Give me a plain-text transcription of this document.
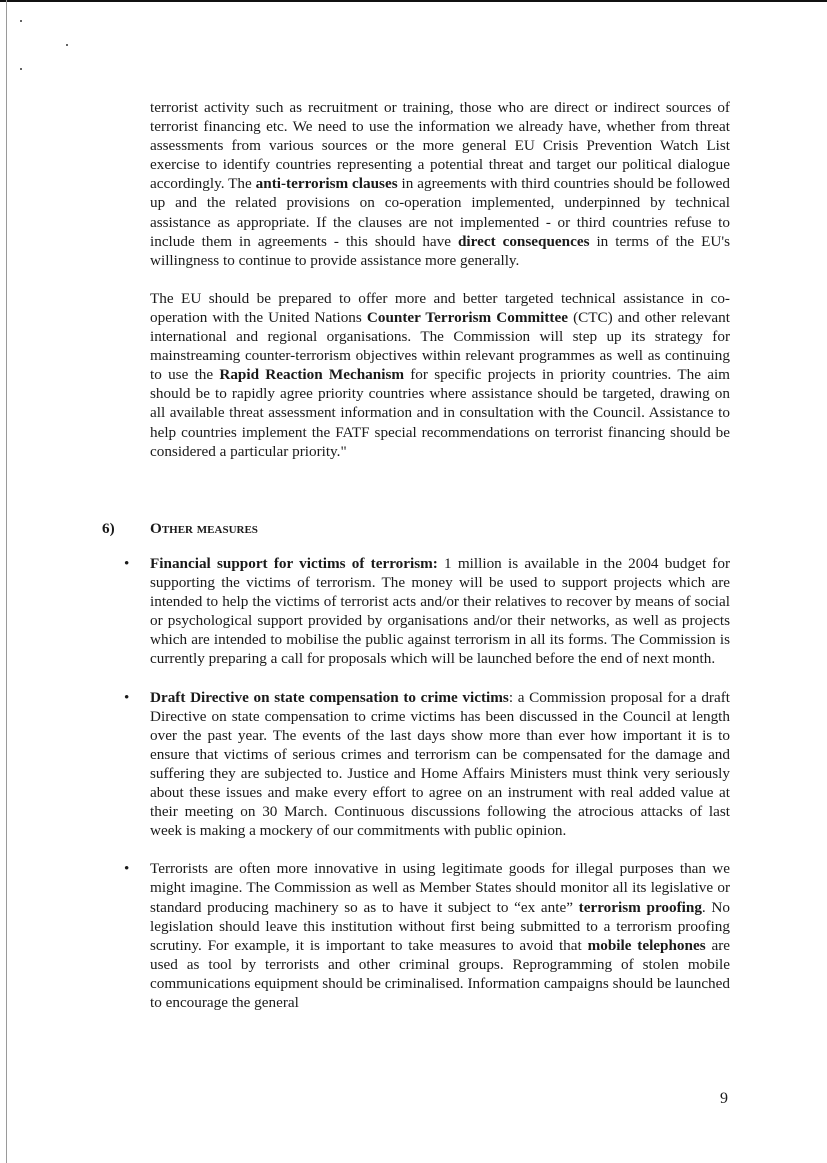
terrorist activity such as recruitment or training, those who are direct or indirect sources of terrorist financing etc. We need to use the information we already have, whether from threat assessments from various sources or the more general EU Crisis Prevention Watch List exercise to identify countries representing a potential threat and target our political dialogue accordingly. The anti-terrorism clauses in agreements with third countries should be followed up and the related provisions on co-operation implemented, underpinned by technical assistance as appropriate. If the clauses are not implemented - or third countries refuse to include them in agreements - this should have direct consequences in terms of the EU's willingness to continue to provide assistance more generally.

The EU should be prepared to offer more and better targeted technical assistance in co-operation with the United Nations Counter Terrorism Committee (CTC) and other relevant international and regional organisations. The Commission will step up its strategy for mainstreaming counter-terrorism objectives within relevant programmes as well as continuing to use the Rapid Reaction Mechanism for specific projects in priority countries. The aim should be to rapidly agree priority countries where assistance should be targeted, drawing on all available threat assessment information and in consultation with the Council. Assistance to help countries implement the FATF special recommendations on terrorist financing should be considered a particular priority."

6) Other measures
• Financial support for victims of terrorism: 1 million is available in the 2004 budget for supporting the victims of terrorism. The money will be used to support projects which are intended to help the victims of terrorist acts and/or their relatives to recover by means of social or psychological support provided by organisations and/or their networks, as well as projects which are intended to mobilise the public against terrorism in all its forms. The Commission is currently preparing a call for proposals which will be launched before the end of next month.

• Draft Directive on state compensation to crime victims: a Commission proposal for a draft Directive on state compensation to crime victims has been discussed in the Council at length over the past year. The events of the last days show more than ever how important it is to ensure that victims of serious crimes and terrorism can be compensated for the damage and suffering they are subjected to. Justice and Home Affairs Ministers must think very seriously about these issues and make every effort to agree on an instrument with real added value at their meeting on 30 March. Continuous discussions following the atrocious attacks of last week is making a mockery of our commitments with public opinion.

• Terrorists are often more innovative in using legitimate goods for illegal purposes than we might imagine. The Commission as well as Member States should monitor all its legislative or standard producing machinery so as to have it subject to “ex ante” terrorism proofing. No legislation should leave this institution without first being submitted to a terrorism proofing scrutiny. For example, it is important to take measures to avoid that mobile telephones are used as tool by terrorists and other criminal groups. Reprogramming of stolen mobile communications equipment should be criminalised. Information campaigns should be launched to encourage the general

9
